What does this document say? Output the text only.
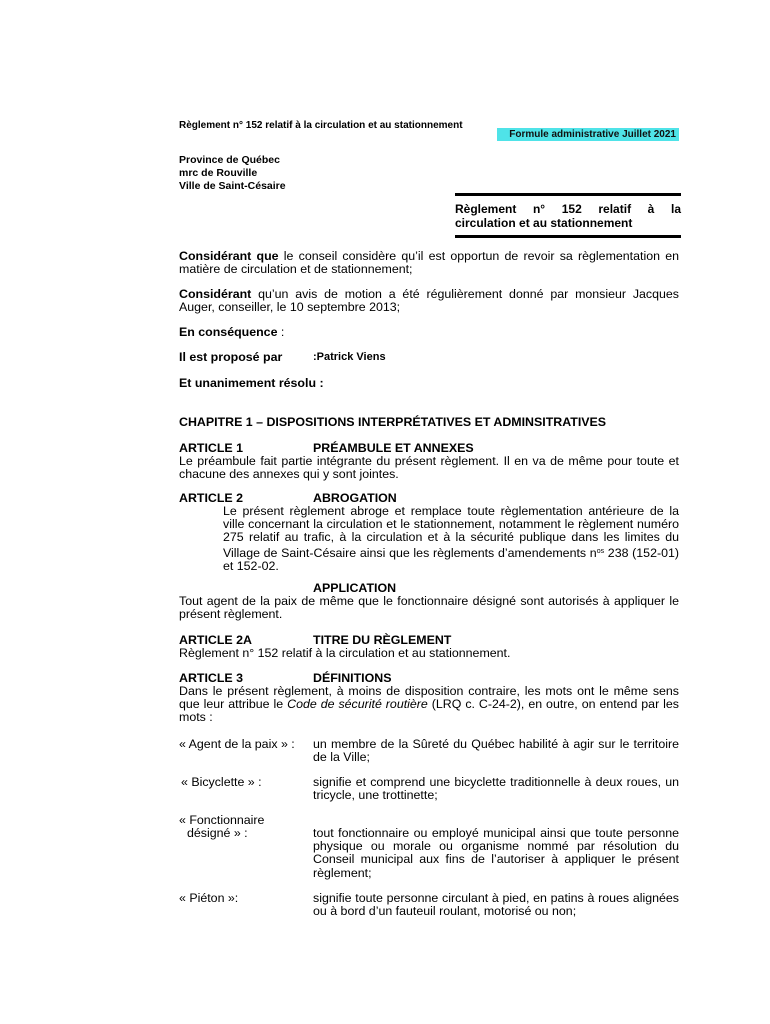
Règlement n° 152 relatif à la circulation et au stationnement
Formule administrative Juillet 2021
Province de Québec
mrc de Rouville
Ville de Saint-Césaire
Règlement n° 152 relatif à la
circulation et au stationnement

Considérant que le conseil considère qu’il est opportun de revoir sa règlementation en matière de circulation et de stationnement;

Considérant qu’un avis de motion a été régulièrement donné par monsieur Jacques Auger, conseiller, le 10 septembre 2013;

En conséquence :
Il est proposé par	:Patrick Viens
Et unanimement résolu :
CHAPITRE 1 – DISPOSITIONS INTERPRÉTATIVES ET ADMINSITRATIVES
ARTICLE 1	PRÉAMBULE ET ANNEXES

Le préambule fait partie intégrante du présent règlement. Il en va de même pour toute et chacune des annexes qui y sont jointes.

ARTICLE 2	ABROGATION
Le présent règlement abroge et remplace toute règlementation antérieure de la ville concernant la circulation et le stationnement, notamment le règlement numéro 275 relatif au trafic, à la circulation et à la sécurité publique dans les limites du Village de Saint-Césaire ainsi que les règlements d’amendements $n^{os}$ 238 (152-01) et 152-02.
APPLICATION

Tout agent de la paix de même que le fonctionnaire désigné sont autorisés à appliquer le présent règlement.

ARTICLE 2A	TITRE DU RÈGLEMENT
Règlement n° 152 relatif à la circulation et au stationnement.
ARTICLE 3	DÉFINITIONS

Dans le présent règlement, à moins de disposition contraire, les mots ont le même sens que leur attribue le Code de sécurité routière (LRQ c. C-24-2), en outre, on entend par les mots :

« Agent de la paix » : un membre de la Sûreté du Québec habilité à agir sur le territoire de la Ville;
« Bicyclette » :	signifie et comprend une bicyclette traditionnelle à deux roues, un tricycle, une trottinette;
« Fonctionnaire
désigné » :	tout fonctionnaire ou employé municipal ainsi que toute personne physique ou morale ou organisme nommé par résolution du Conseil municipal aux fins de l’autoriser à appliquer le présent règlement;
« Piéton »:	signifie toute personne circulant à pied, en patins à roues alignées ou à bord d’un fauteuil roulant, motorisé ou non;
